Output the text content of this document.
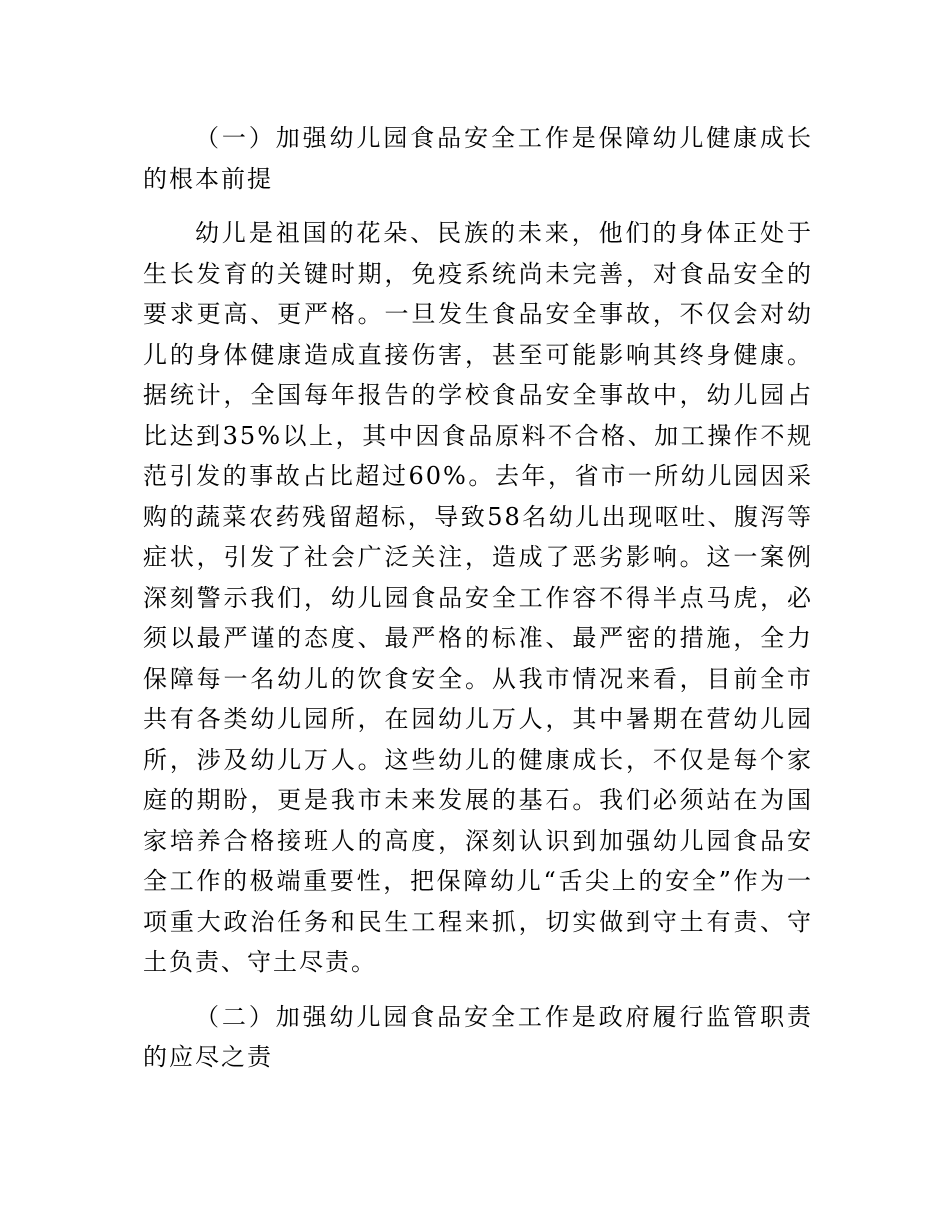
（一）加强幼儿园食品安全工作是保障幼儿健康成长的根本前提

幼儿是祖国的花朵、民族的未来，他们的身体正处于生长发育的关键时期，免疫系统尚未完善，对食品安全的要求更高、更严格。一旦发生食品安全事故，不仅会对幼儿的身体健康造成直接伤害，甚至可能影响其终身健康。据统计，全国每年报告的学校食品安全事故中，幼儿园占比达到35%以上，其中因食品原料不合格、加工操作不规范引发的事故占比超过60%。去年，省市一所幼儿园因采购的蔬菜农药残留超标，导致58名幼儿出现呕吐、腹泻等症状，引发了社会广泛关注，造成了恶劣影响。这一案例深刻警示我们，幼儿园食品安全工作容不得半点马虎，必须以最严谨的态度、最严格的标准、最严密的措施，全力保障每一名幼儿的饮食安全。从我市情况来看，目前全市共有各类幼儿园所，在园幼儿万人，其中暑期在营幼儿园所，涉及幼儿万人。这些幼儿的健康成长，不仅是每个家庭的期盼，更是我市未来发展的基石。我们必须站在为国家培养合格接班人的高度，深刻认识到加强幼儿园食品安全工作的极端重要性，把保障幼儿“舌尖上的安全”作为一项重大政治任务和民生工程来抓，切实做到守土有责、守土负责、守土尽责。

（二）加强幼儿园食品安全工作是政府履行监管职责的应尽之责
